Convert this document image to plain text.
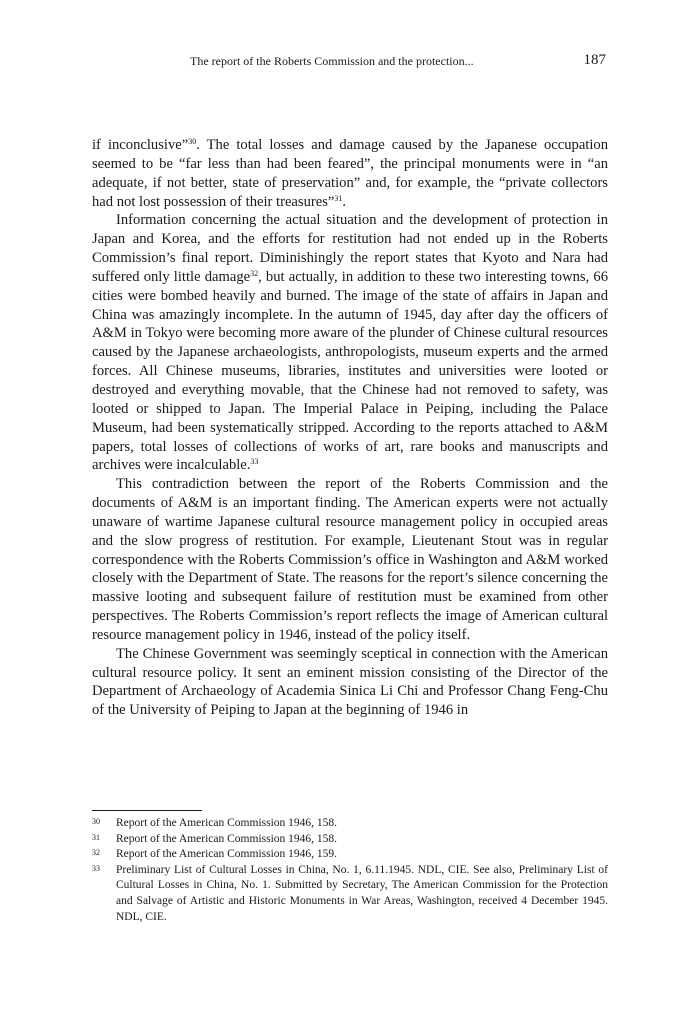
The report of the Roberts Commission and the protection...	187

if inconclusive”$^{30}$. The total losses and damage caused by the Japanese occupation seemed to be “far less than had been feared”, the principal monuments were in “an adequate, if not better, state of preservation” and, for example, the “private collectors had not lost possession of their treasures”$^{31}$.

Information concerning the actual situation and the development of protection in Japan and Korea, and the efforts for restitution had not ended up in the Roberts Commission’s final report. Diminishingly the report states that Kyoto and Nara had suffered only little damage$^{32}$, but actually, in addition to these two interesting towns, 66 cities were bombed heavily and burned. The image of the state of affairs in Japan and China was amazingly incomplete. In the autumn of 1945, day after day the officers of A&M in Tokyo were becoming more aware of the plunder of Chinese cultural resources caused by the Japanese archaeologists, anthropologists, museum experts and the armed forces. All Chinese museums, libraries, institutes and universities were looted or destroyed and everything movable, that the Chinese had not removed to safety, was looted or shipped to Japan. The Imperial Palace in Peiping, including the Palace Museum, had been systematically stripped. According to the reports attached to A&M papers, total losses of collections of works of art, rare books and manuscripts and archives were incalculable.$^{33}$

This contradiction between the report of the Roberts Commission and the documents of A&M is an important finding. The American experts were not actually unaware of wartime Japanese cultural resource management policy in occupied areas and the slow progress of restitution. For example, Lieutenant Stout was in regular correspondence with the Roberts Commission’s office in Washington and A&M worked closely with the Department of State. The reasons for the report’s silence concerning the massive looting and subsequent failure of restitution must be examined from other perspectives. The Roberts Commission’s report reflects the image of American cultural resource management policy in 1946, instead of the policy itself.

The Chinese Government was seemingly sceptical in connection with the American cultural resource policy. It sent an eminent mission consisting of the Director of the Department of Archaeology of Academia Sinica Li Chi and Professor Chang Feng-Chu of the University of Peiping to Japan at the beginning of 1946 in

30 Report of the American Commission 1946, 158.
31 Report of the American Commission 1946, 158.
32 Report of the American Commission 1946, 159.
33 Preliminary List of Cultural Losses in China, No. 1, 6.11.1945. NDL, CIE. See also, Preliminary List of Cultural Losses in China, No. 1. Submitted by Secretary, The American Commission for the Protection and Salvage of Artistic and Historic Monuments in War Areas, Washington, received 4 December 1945. NDL, CIE.
